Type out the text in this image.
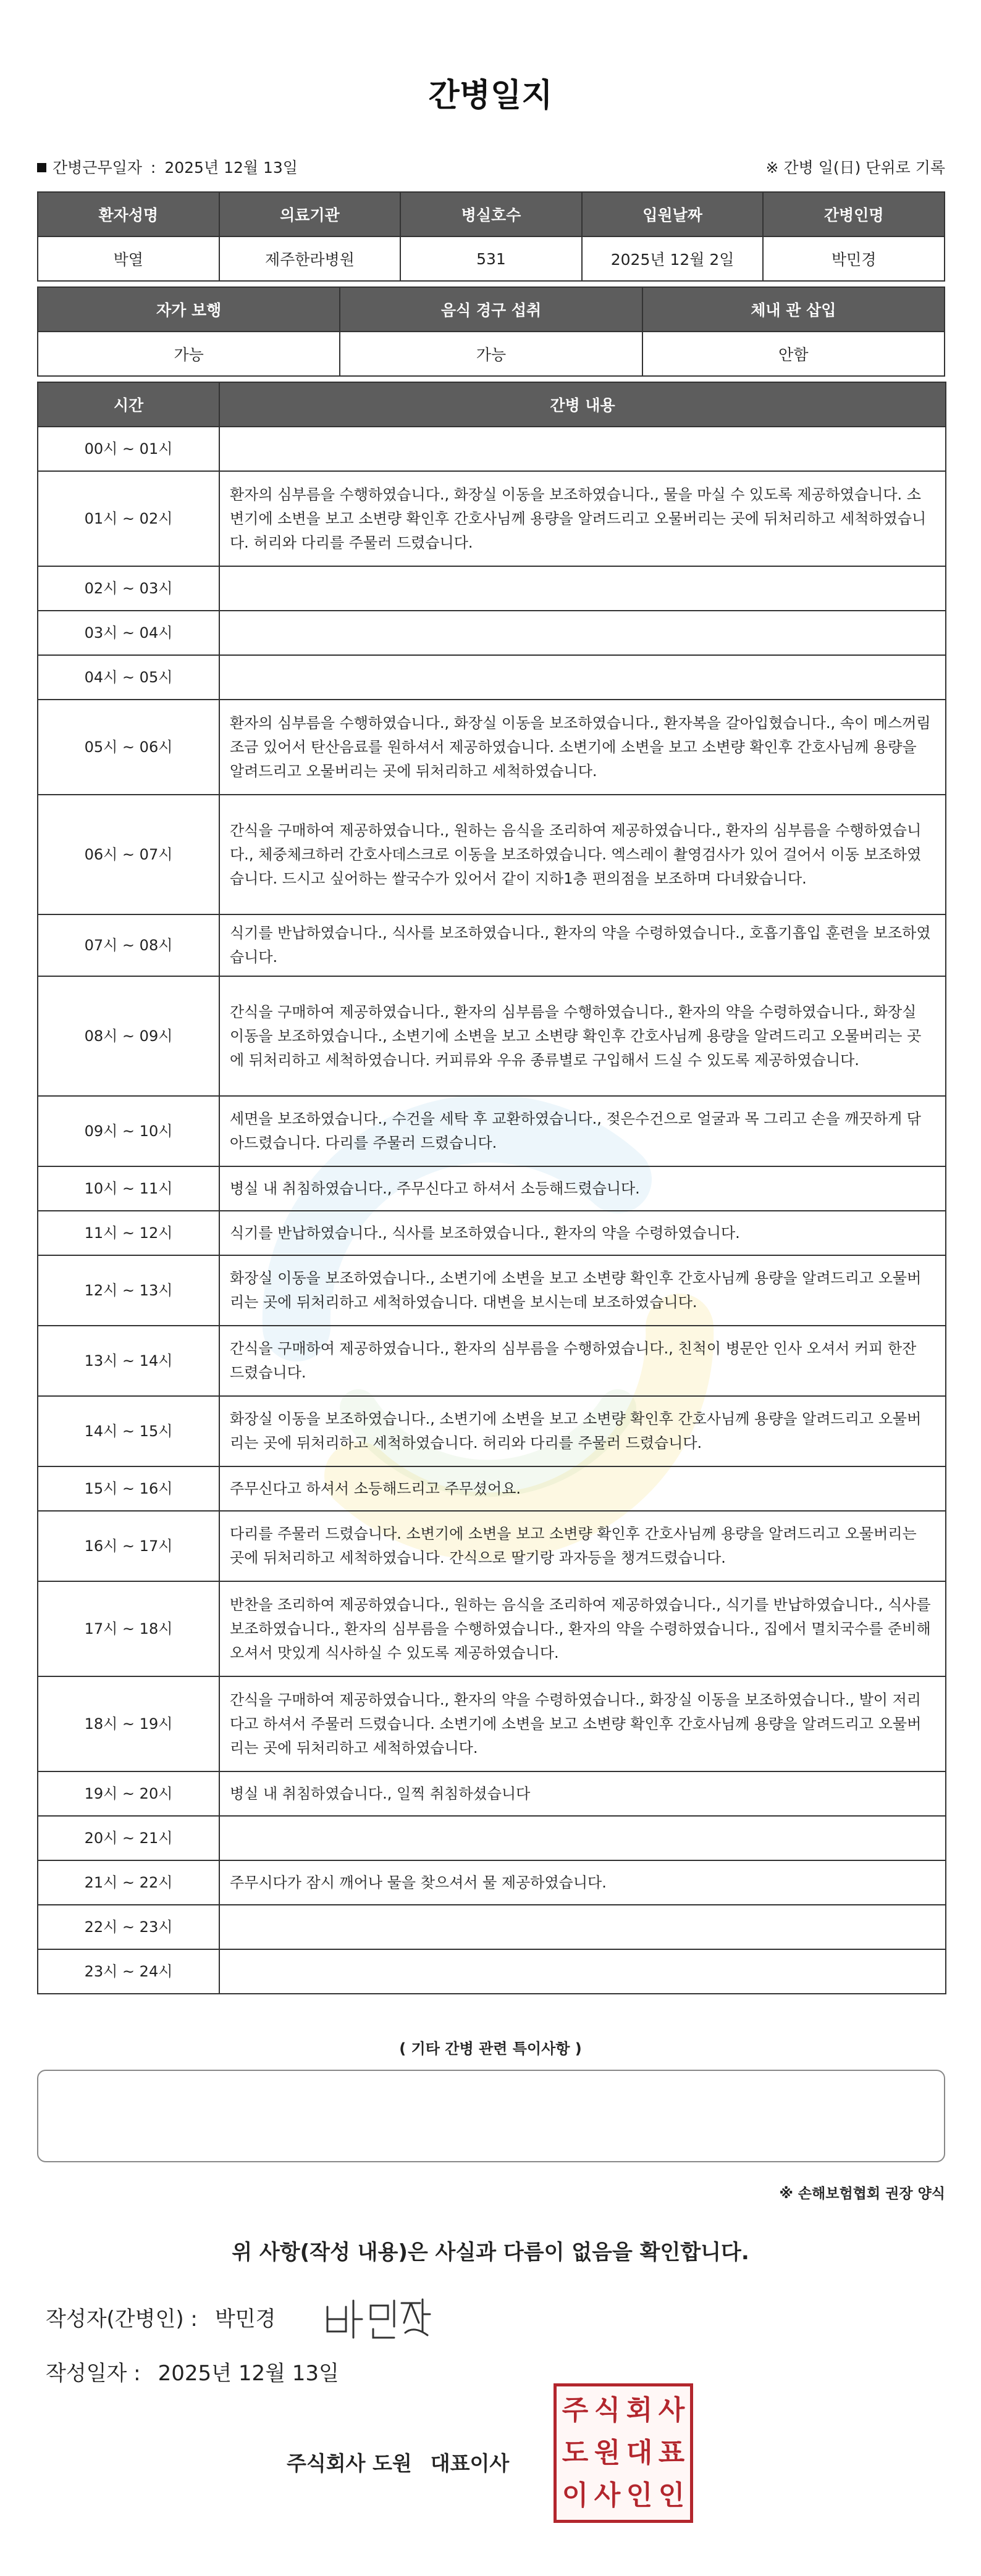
간병일지
간병근무일자 : 2025년 12월 13일	※ 간병 일(日) 단위로 기록
환자성명	의료기관	병실호수	입원날짜	간병인명
박열	제주한라병원	531	2025년 12월 2일	박민경
자가 보행	음식 경구 섭취	체내 관 삽입
가능	가능	안함
시간	간병 내용
00시 ~ 01시	
01시 ~ 02시	환자의 심부름을 수행하였습니다., 화장실 이동을 보조하였습니다., 물을 마실 수 있도록 제공하였습니다. 소변기에 소변을 보고 소변량 확인후 간호사님께 용량을 알려드리고 오물버리는 곳에 뒤처리하고 세척하였습니다. 허리와 다리를 주물러 드렸습니다.
02시 ~ 03시	
03시 ~ 04시	
04시 ~ 05시	
05시 ~ 06시	환자의 심부름을 수행하였습니다., 화장실 이동을 보조하였습니다., 환자복을 갈아입혔습니다., 속이 메스꺼림 조금 있어서 탄산음료를 원하셔서 제공하였습니다. 소변기에 소변을 보고 소변량 확인후 간호사님께 용량을 알려드리고 오물버리는 곳에 뒤처리하고 세척하였습니다.
06시 ~ 07시	간식을 구매하여 제공하였습니다., 원하는 음식을 조리하여 제공하였습니다., 환자의 심부름을 수행하였습니다., 체중체크하러 간호사데스크로 이동을 보조하였습니다. 엑스레이 촬영검사가 있어 걸어서 이동 보조하였습니다. 드시고 싶어하는 쌀국수가 있어서 같이 지하1층 편의점을 보조하며 다녀왔습니다.
07시 ~ 08시	식기를 반납하였습니다., 식사를 보조하였습니다., 환자의 약을 수령하였습니다., 호흡기흡입 훈련을 보조하였습니다.
08시 ~ 09시	간식을 구매하여 제공하였습니다., 환자의 심부름을 수행하였습니다., 환자의 약을 수령하였습니다., 화장실 이동을 보조하였습니다., 소변기에 소변을 보고 소변량 확인후 간호사님께 용량을 알려드리고 오물버리는 곳에 뒤처리하고 세척하였습니다. 커피류와 우유 종류별로 구입해서 드실 수 있도록 제공하였습니다.
09시 ~ 10시	세면을 보조하였습니다., 수건을 세탁 후 교환하였습니다., 젖은수건으로 얼굴과 목 그리고 손을 깨끗하게 닦아드렸습니다. 다리를 주물러 드렸습니다.
10시 ~ 11시	병실 내 취침하였습니다., 주무신다고 하셔서 소등해드렸습니다.
11시 ~ 12시	식기를 반납하였습니다., 식사를 보조하였습니다., 환자의 약을 수령하였습니다.
12시 ~ 13시	화장실 이동을 보조하였습니다., 소변기에 소변을 보고 소변량 확인후 간호사님께 용량을 알려드리고 오물버리는 곳에 뒤처리하고 세척하였습니다. 대변을 보시는데 보조하였습니다.
13시 ~ 14시	간식을 구매하여 제공하였습니다., 환자의 심부름을 수행하였습니다., 친척이 병문안 인사 오셔서 커피 한잔 드렸습니다.
14시 ~ 15시	화장실 이동을 보조하였습니다., 소변기에 소변을 보고 소변량 확인후 간호사님께 용량을 알려드리고 오물버리는 곳에 뒤처리하고 세척하였습니다. 허리와 다리를 주물러 드렸습니다.
15시 ~ 16시	주무신다고 하셔서 소등해드리고 주무셨어요.
16시 ~ 17시	다리를 주물러 드렸습니다. 소변기에 소변을 보고 소변량 확인후 간호사님께 용량을 알려드리고 오물버리는 곳에 뒤처리하고 세척하였습니다. 간식으로 딸기랑 과자등을 챙겨드렸습니다.
17시 ~ 18시	반찬을 조리하여 제공하였습니다., 원하는 음식을 조리하여 제공하였습니다., 식기를 반납하였습니다., 식사를 보조하였습니다., 환자의 심부름을 수행하였습니다., 환자의 약을 수령하였습니다., 집에서 멸치국수를 준비해 오셔서 맛있게 식사하실 수 있도록 제공하였습니다.
18시 ~ 19시	간식을 구매하여 제공하였습니다., 환자의 약을 수령하였습니다., 화장실 이동을 보조하였습니다., 발이 저리다고 하셔서 주물러 드렸습니다. 소변기에 소변을 보고 소변량 확인후 간호사님께 용량을 알려드리고 오물버리는 곳에 뒤처리하고 세척하였습니다.
19시 ~ 20시	병실 내 취침하였습니다., 일찍 취침하셨습니다
20시 ~ 21시	
21시 ~ 22시	주무시다가 잠시 깨어나 물을 찾으셔서 물 제공하였습니다.
22시 ~ 23시	
23시 ~ 24시	
( 기타 간병 관련 특이사항 )
※ 손해보험협회 권장 양식
위 사항(작성 내용)은 사실과 다름이 없음을 확인합니다.
작성자(간병인) : 박민경
작성일자 : 2025년 12월 13일
주식회사 도원 대표이사
주 식 회 사
도 원 대 표
이 사 인 인
